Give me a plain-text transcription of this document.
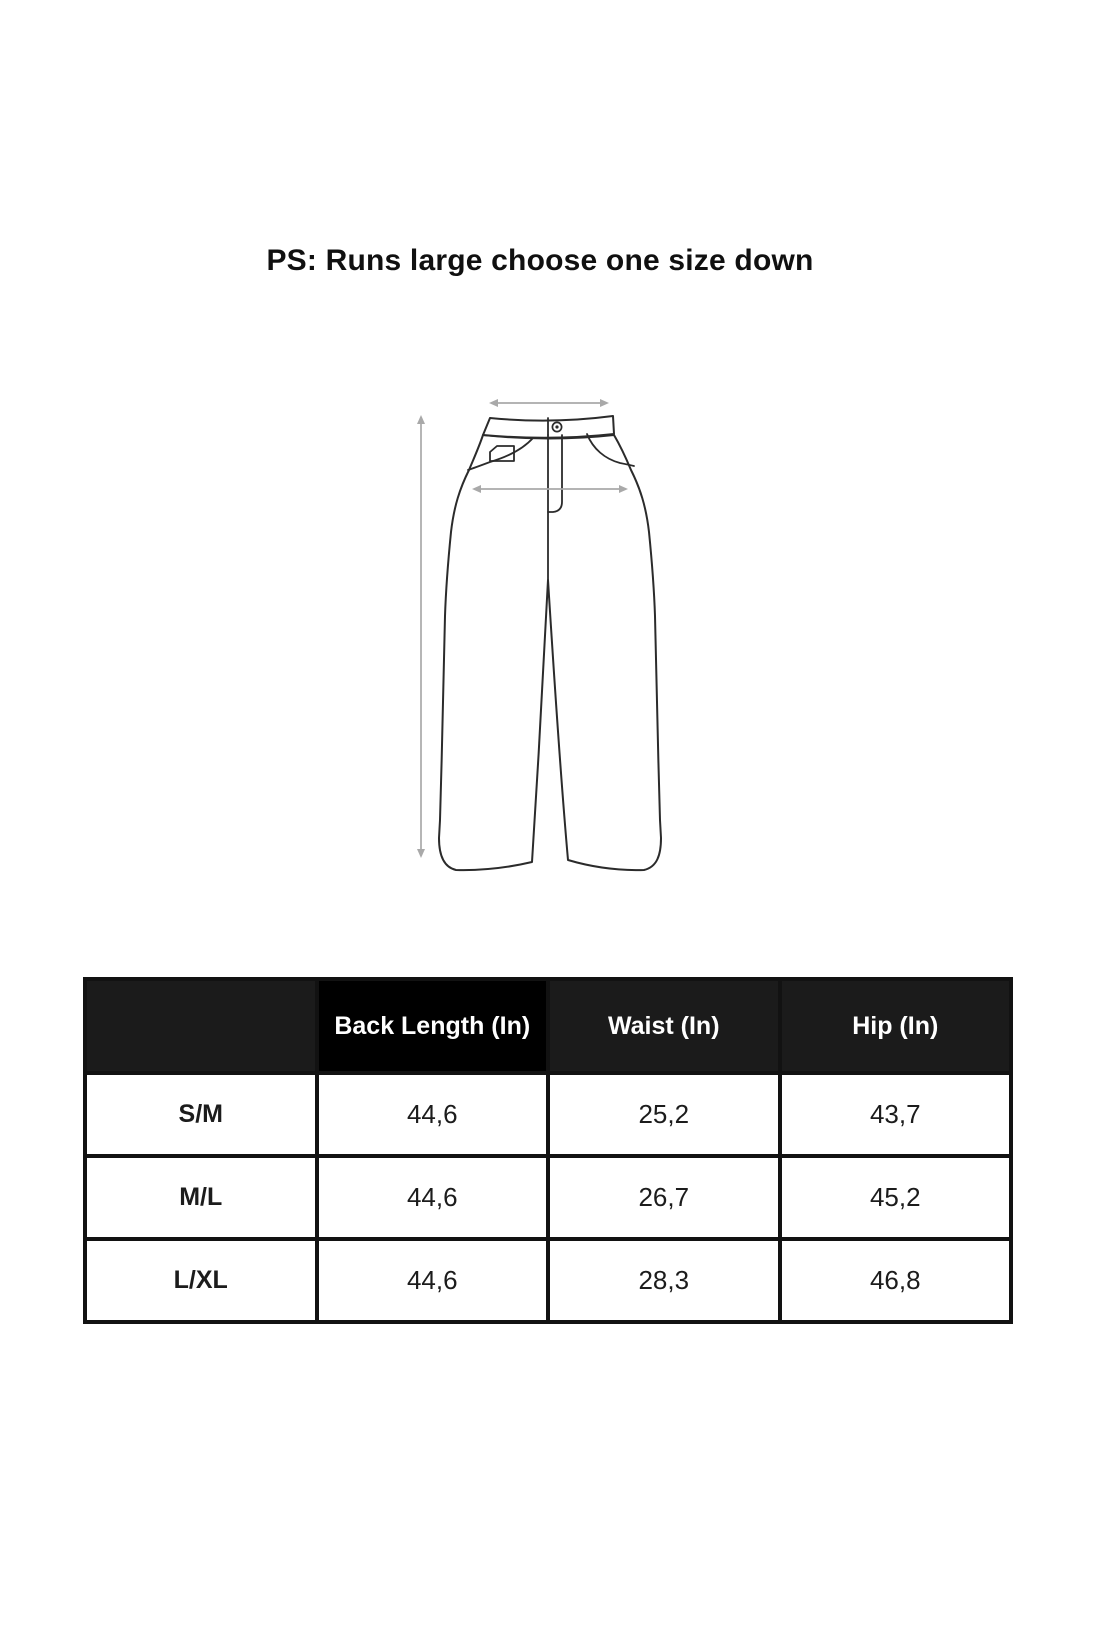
PS: Runs large choose one size down
	Back Length (In)	Waist (In)	Hip (In)
S/M	44,6	25,2	43,7
M/L	44,6	26,7	45,2
L/XL	44,6	28,3	46,8
